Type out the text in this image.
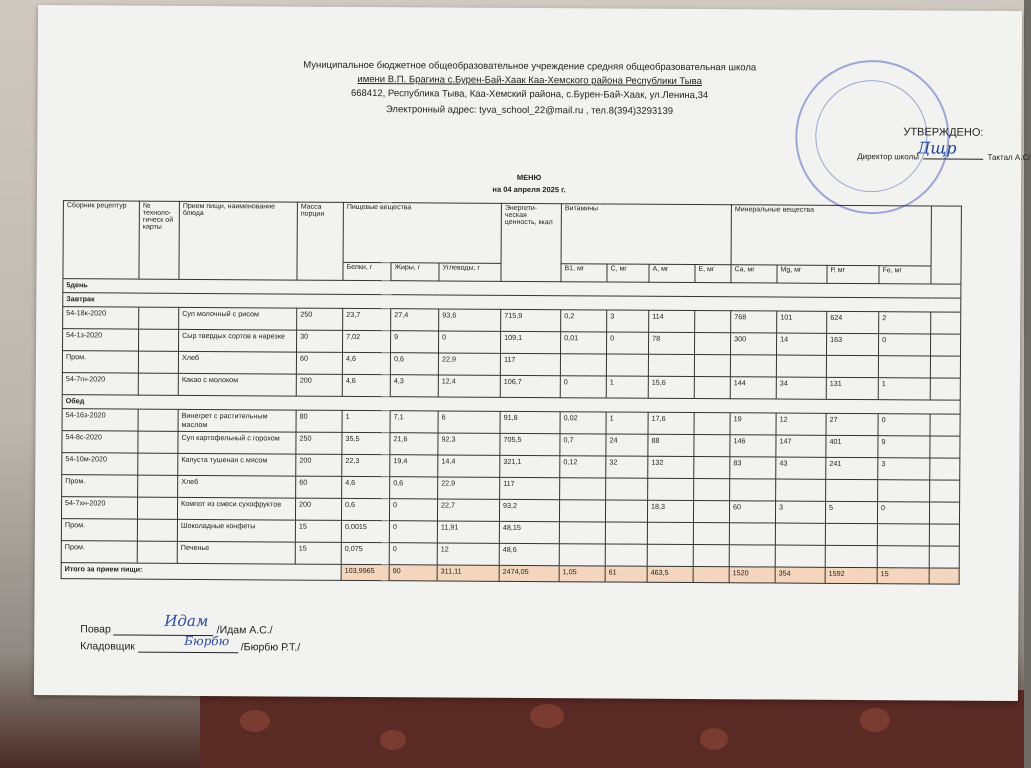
Муниципальное бюджетное общеобразовательное учреждение средняя общеобразовательная школа
имени В.П. Брагина с.Бурен-Бай-Хаак Каа-Хемского района Республики Тыва
668412, Республика Тыва, Каа-Хемский района, с.Бурен-Бай-Хаак, ул.Ленина,34
Электронный адрес: tyva_school_22@mail.ru , тел.8(394)3293139
УТВЕРЖДЕНО:
Директор школы	Тактал А.С/
Дщр
МЕНЮ
на 04 апреля 2025 г.
Сборник рецептур	№ техноло- гическ ой карты	Прием пищи, наименование блюда	Масса порции	Пищевые вещества			Энергети- ческая ценность, ккал	Витамины				Минеральные вещества				
				Белки, г	Жиры, г	Углеводы, г		В1, мг	С, мг	А, мг	Е, мг	Са, мг	Mg, мг	Р, мг	Fe, мг	
5день																
Завтрак																
54-18к-2020		Суп молочный с рисом	250	23,7	27,4	93,6	715,9	0,2	3	114		768	101	624	2	
54-1з-2020		Сыр твердых сортов в нарезке	30	7,02	9	0	109,1	0,01	0	78		300	14	163	0	
Пром.		Хлеб	60	4,6	0,6	22,9	117									
54-7гн-2020		Какао с молоком	200	4,6	4,3	12,4	106,7	0	1	15,6		144	34	131	1	
Обед																
54-16з-2020		Винегрет с растительным маслом	80	1	7,1	6	91,8	0,02	1	17,6		19	12	27	0	
54-8с-2020		Суп картофельный с горохом	250	35,5	21,6	92,3	705,5	0,7	24	88		146	147	401	9	
54-10м-2020		Капуста тушеная с мясом	200	22,3	19,4	14,4	321,1	0,12	32	132		83	43	241	3	
Пром.		Хлеб	60	4,6	0,6	22,9	117									
54-7хн-2020		Компот из смеси сухофруктов	200	0,6	0	22,7	93,2			18,3		60	3	5	0	
Пром.		Шоколадные конфеты	15	0,0015	0	11,91	48,15									
Пром.		Печенье	15	0,075	0	12	48,6									
Итого за прием пищи:				103,9965	90	311,11	2474,05	1,05	61	463,5		1520	354	1592	15	
Повар	/Идам А.С./
Идам
Кладовщик	/Бюрбю Р.Т./
Бюрбю
